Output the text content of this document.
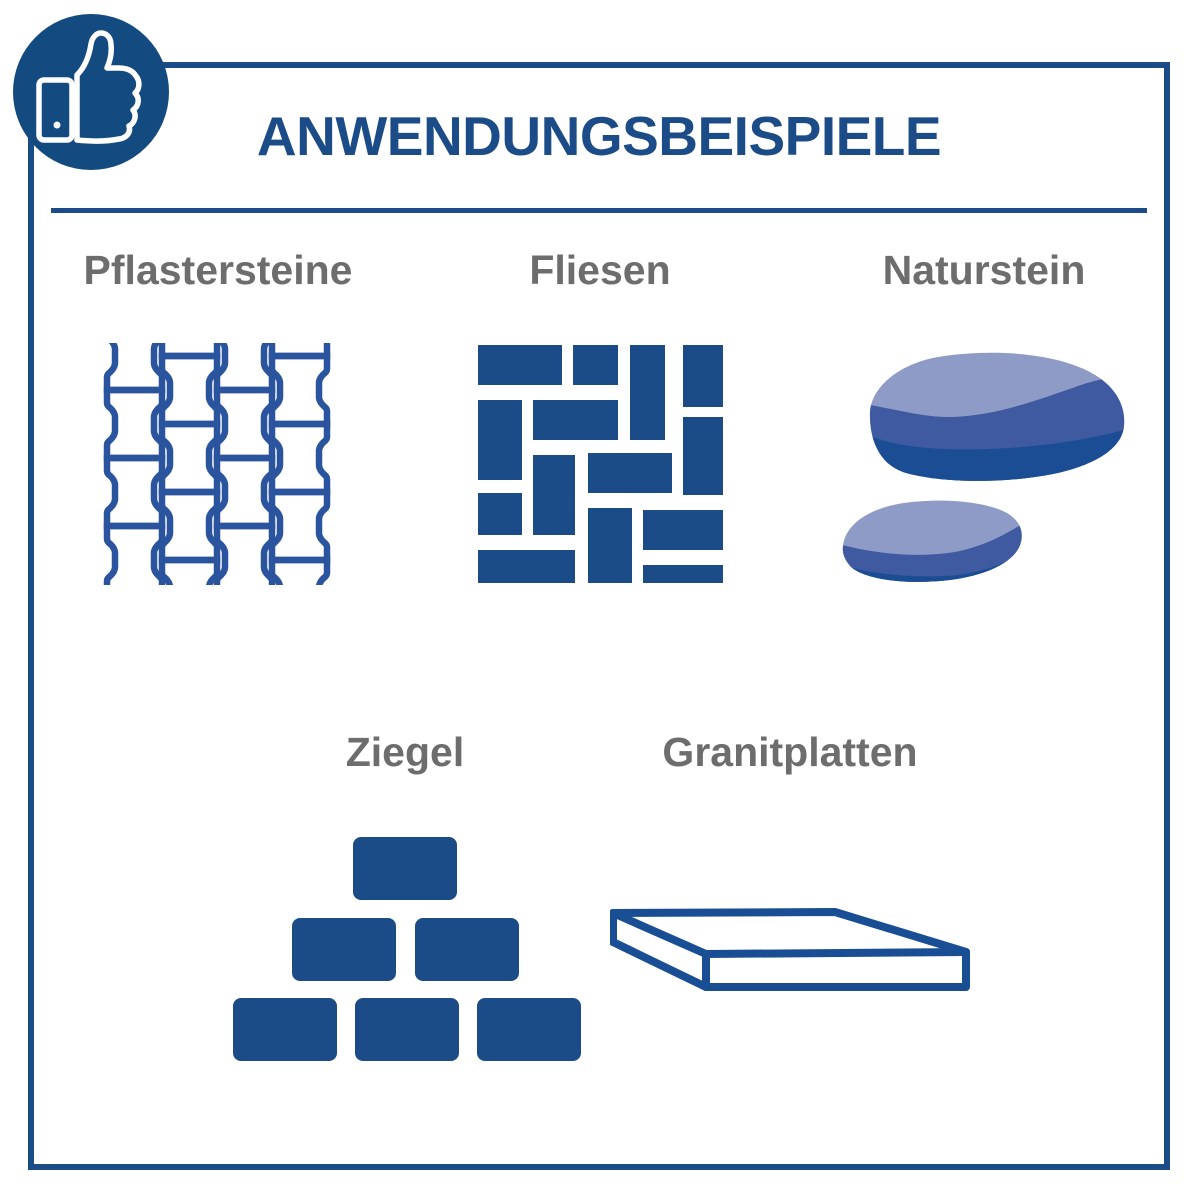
ANWENDUNGSBEISPIELE
Pflastersteine	Fliesen	Naturstein
Ziegel	Granitplatten
